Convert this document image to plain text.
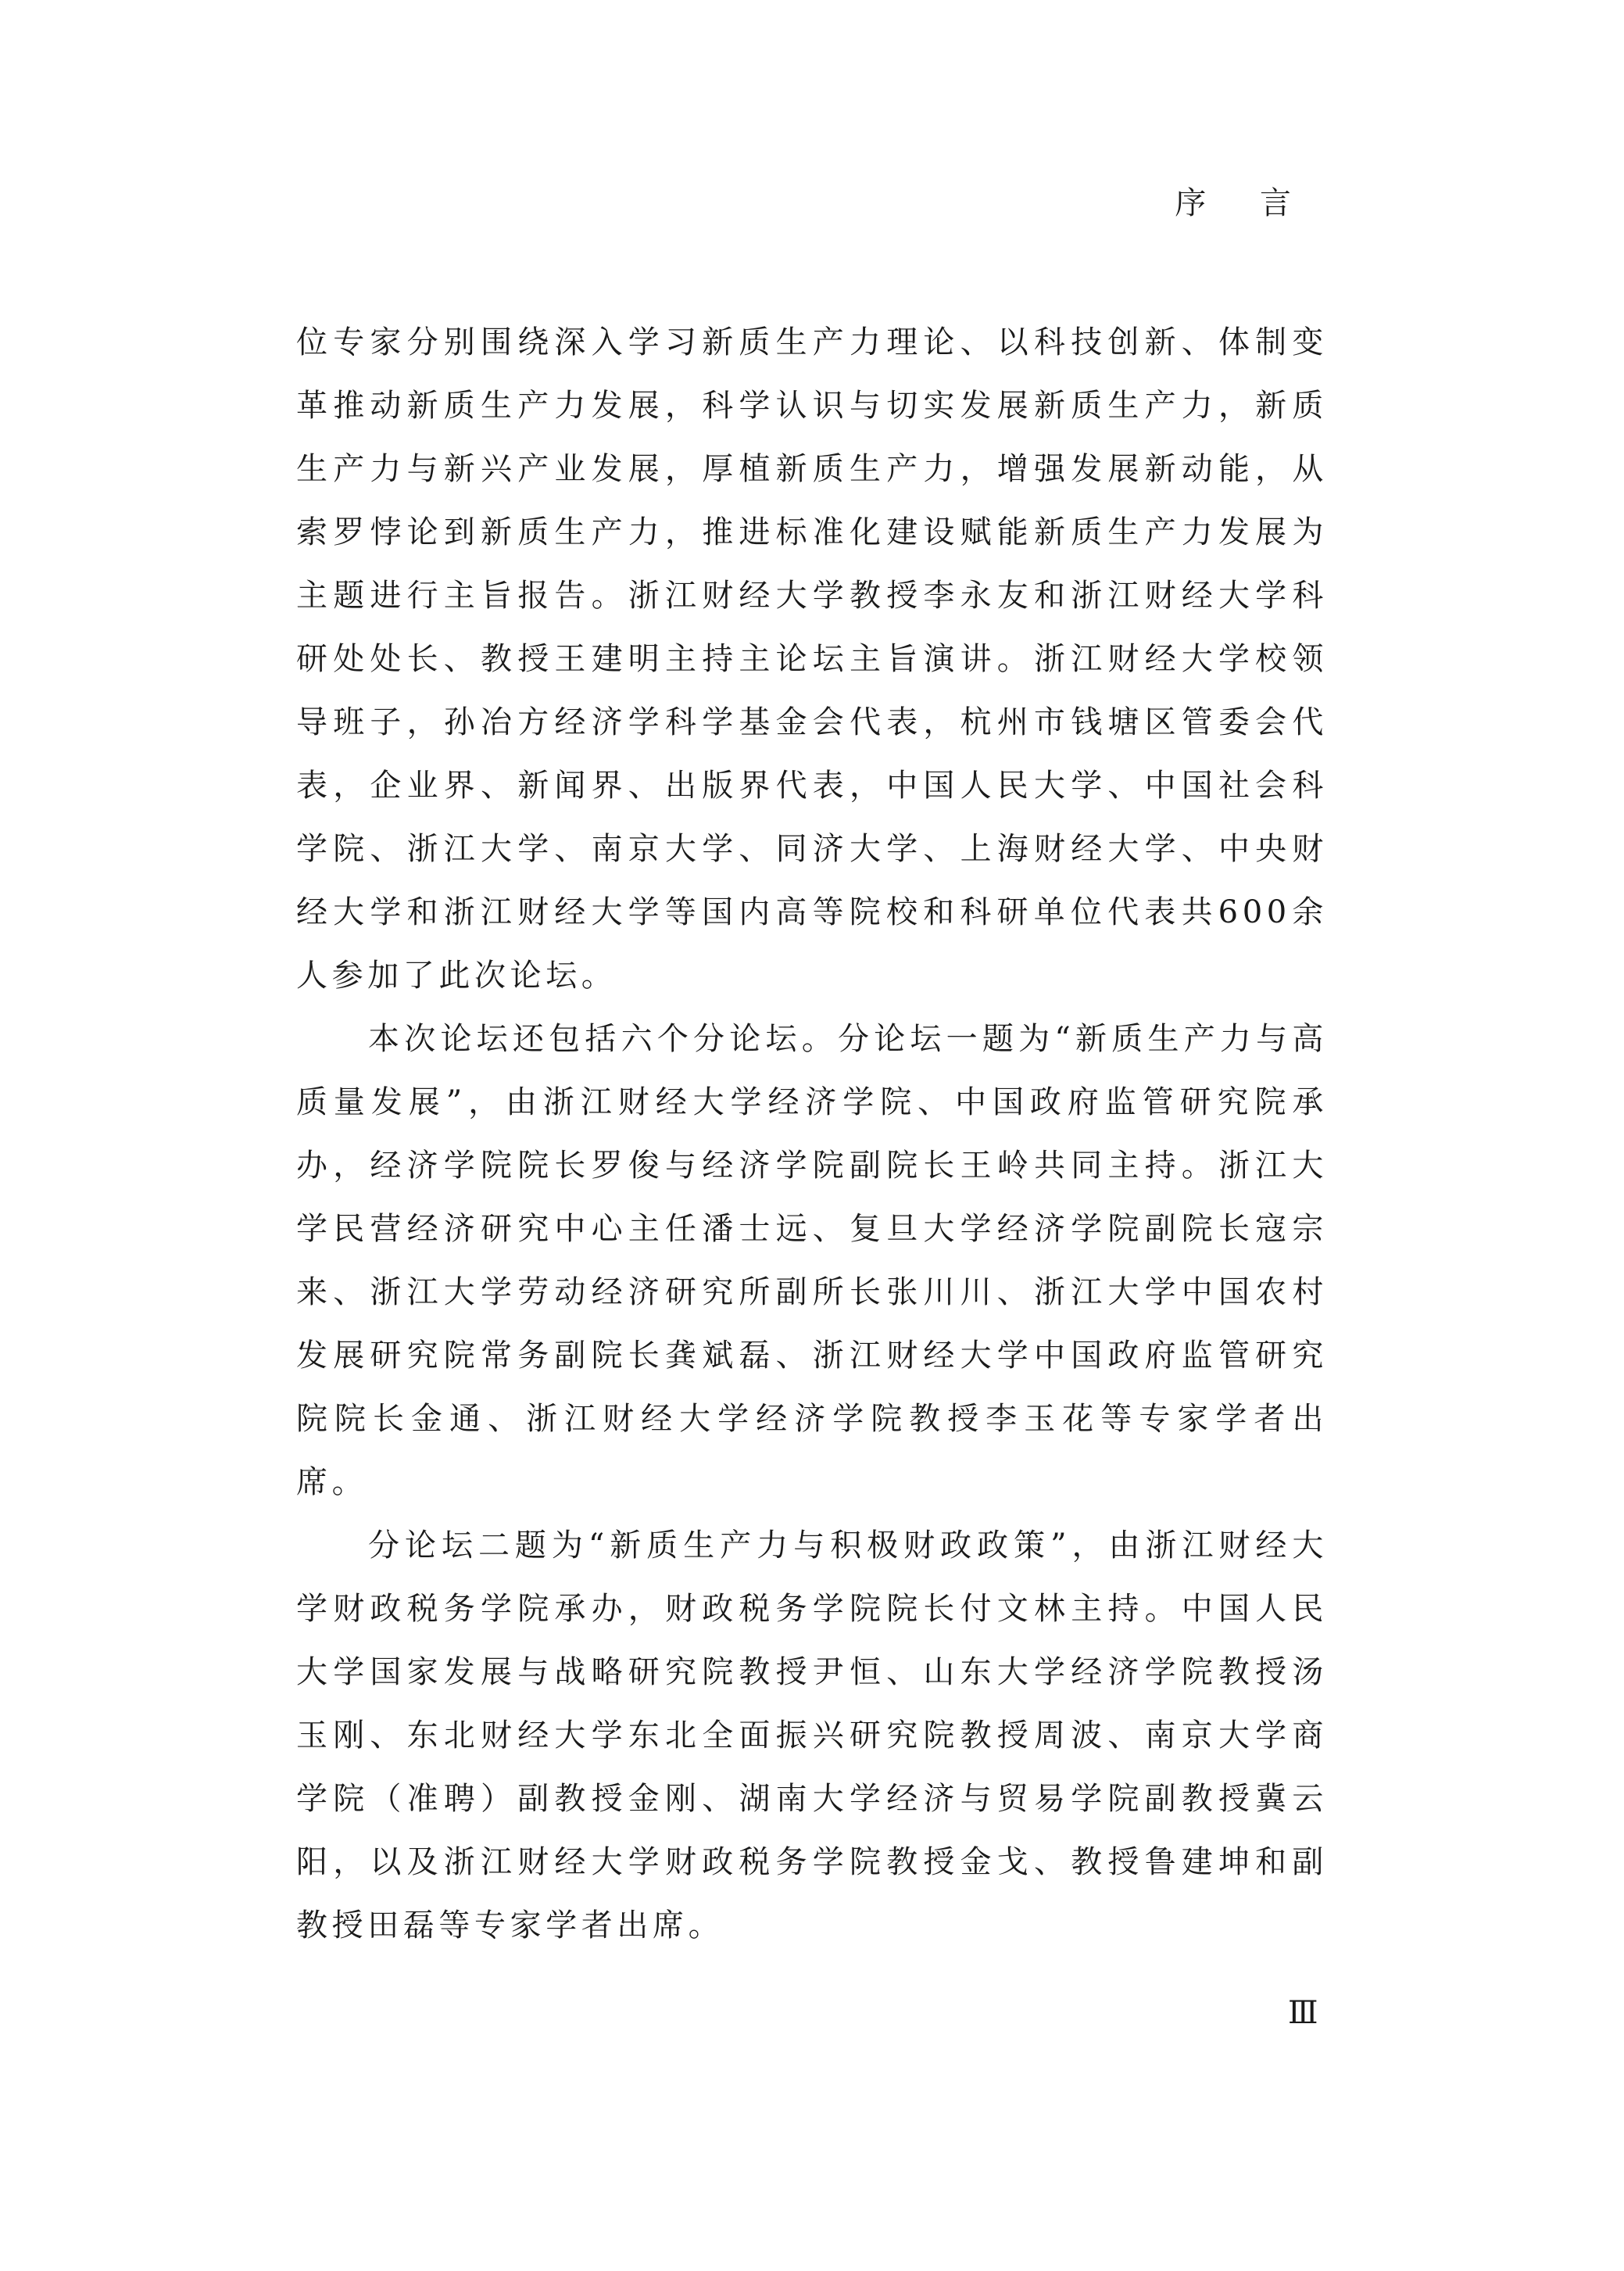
序 言

位专家分别围绕深入学习新质生产力理论、以科技创新、体制变革推动新质生产力发展，科学认识与切实发展新质生产力，新质生产力与新兴产业发展，厚植新质生产力，增强发展新动能，从索罗悖论到新质生产力，推进标准化建设赋能新质生产力发展为主题进行主旨报告。浙江财经大学教授李永友和浙江财经大学科研处处长、教授王建明主持主论坛主旨演讲。浙江财经大学校领导班子，孙冶方经济学科学基金会代表，杭州市钱塘区管委会代表，企业界、新闻界、出版界代表，中国人民大学、中国社会科学院、浙江大学、南京大学、同济大学、上海财经大学、中央财经大学和浙江财经大学等国内高等院校和科研单位代表共600余人参加了此次论坛。

本次论坛还包括六个分论坛。分论坛一题为“新质生产力与高质量发展”，由浙江财经大学经济学院、中国政府监管研究院承办，经济学院院长罗俊与经济学院副院长王岭共同主持。浙江大学民营经济研究中心主任潘士远、复旦大学经济学院副院长寇宗来、浙江大学劳动经济研究所副所长张川川、浙江大学中国农村发展研究院常务副院长龚斌磊、浙江财经大学中国政府监管研究院院长金通、浙江财经大学经济学院教授李玉花等专家学者出席。

分论坛二题为“新质生产力与积极财政政策”，由浙江财经大学财政税务学院承办，财政税务学院院长付文林主持。中国人民大学国家发展与战略研究院教授尹恒、山东大学经济学院教授汤玉刚、东北财经大学东北全面振兴研究院教授周波、南京大学商学院（准聘）副教授金刚、湖南大学经济与贸易学院副教授冀云阳，以及浙江财经大学财政税务学院教授金戈、教授鲁建坤和副教授田磊等专家学者出席。

Ⅲ
